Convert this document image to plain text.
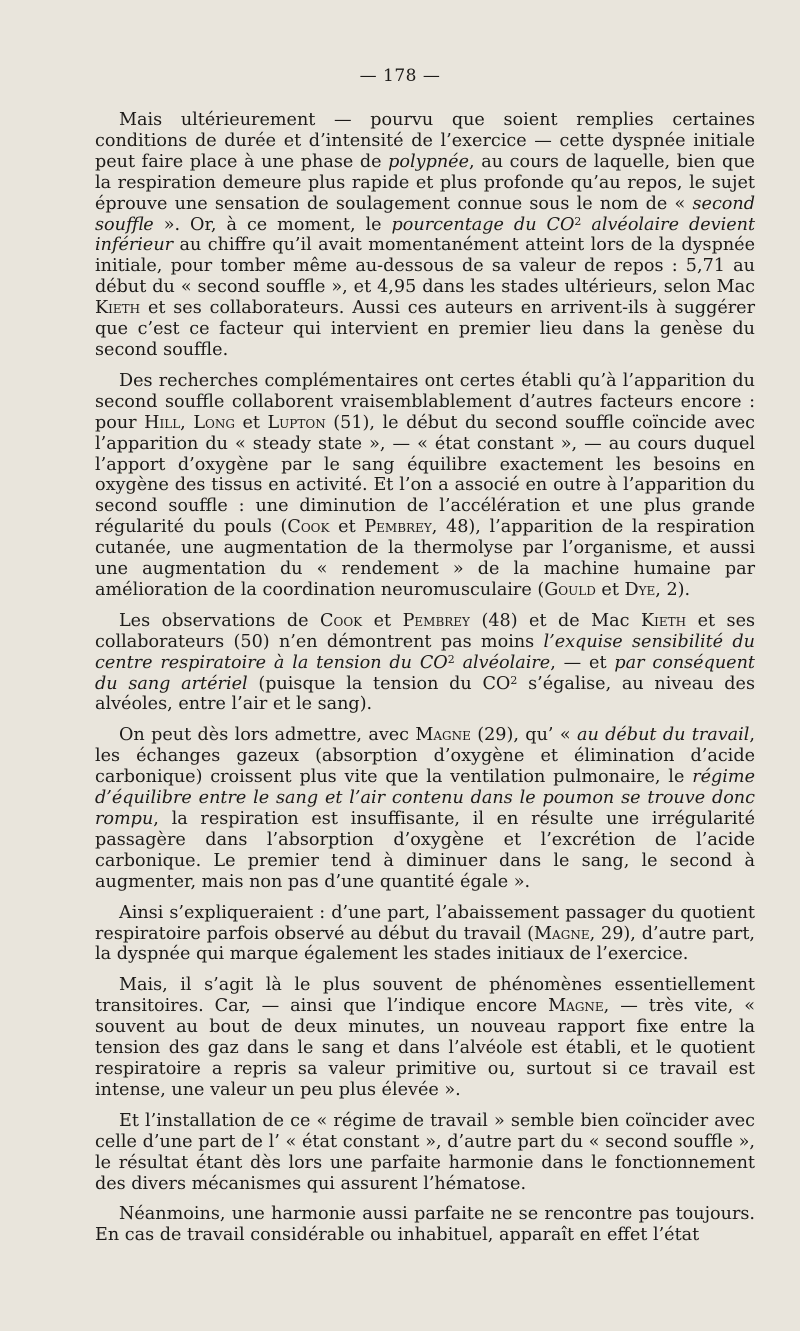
— 178 —

Mais ultérieurement — pourvu que soient remplies certaines conditions de durée et d’intensité de l’exercice — cette dyspnée initiale peut faire place à une phase de polypnée, au cours de laquelle, bien que la respiration demeure plus rapide et plus profonde qu’au repos, le sujet éprouve une sensation de soulagement connue sous le nom de « second souffle ». Or, à ce moment, le pourcentage du $CO^2$ alvéolaire devient inférieur au chiffre qu’il avait momentanément atteint lors de la dyspnée initiale, pour tomber même au-dessous de sa valeur de repos : 5,71 au début du « second souffle », et 4,95 dans les stades ultérieurs, selon Mac Kieth et ses collaborateurs. Aussi ces auteurs en arrivent-ils à suggérer que c’est ce facteur qui intervient en premier lieu dans la genèse du second souffle.

Des recherches complémentaires ont certes établi qu’à l’apparition du second souffle collaborent vraisemblablement d’autres facteurs encore : pour Hill, Long et Lupton (51), le début du second souffle coïncide avec l’apparition du « steady state », — « état constant », — au cours duquel l’apport d’oxygène par le sang équilibre exactement les besoins en oxygène des tissus en activité. Et l’on a associé en outre à l’apparition du second souffle : une diminution de l’accélération et une plus grande régularité du pouls (Cook et Pembrey, 48), l’apparition de la respiration cutanée, une augmentation de la thermolyse par l’organisme, et aussi une augmentation du « rendement » de la machine humaine par amélioration de la coordination neuromusculaire (Gould et Dye, 2).

Les observations de Cook et Pembrey (48) et de Mac Kieth et ses collaborateurs (50) n’en démontrent pas moins l’exquise sensibilité du centre respiratoire à la tension du $CO^2$ alvéolaire, — et par conséquent du sang artériel (puisque la tension du $CO^2$ s’égalise, au niveau des alvéoles, entre l’air et le sang).

On peut dès lors admettre, avec Magne (29), qu’ « au début du travail, les échanges gazeux (absorption d’oxygène et élimination d’acide carbonique) croissent plus vite que la ventilation pulmonaire, le régime d’équilibre entre le sang et l’air contenu dans le poumon se trouve donc rompu, la respiration est insuffisante, il en résulte une irrégularité passagère dans l’absorption d’oxygène et l’excrétion de l’acide carbonique. Le premier tend à diminuer dans le sang, le second à augmenter, mais non pas d’une quantité égale ».

Ainsi s’expliqueraient : d’une part, l’abaissement passager du quotient respiratoire parfois observé au début du travail (Magne, 29), d’autre part, la dyspnée qui marque également les stades initiaux de l’exercice.

Mais, il s’agit là le plus souvent de phénomènes essentiellement transitoires. Car, — ainsi que l’indique encore Magne, — très vite, « souvent au bout de deux minutes, un nouveau rapport fixe entre la tension des gaz dans le sang et dans l’alvéole est établi, et le quotient respiratoire a repris sa valeur primitive ou, surtout si ce travail est intense, une valeur un peu plus élevée ».

Et l’installation de ce « régime de travail » semble bien coïncider avec celle d’une part de l’ « état constant », d’autre part du « second souffle », le résultat étant dès lors une parfaite harmonie dans le fonctionnement des divers mécanismes qui assurent l’hématose.

Néanmoins, une harmonie aussi parfaite ne se rencontre pas toujours. En cas de travail considérable ou inhabituel, apparaît en effet l’état
